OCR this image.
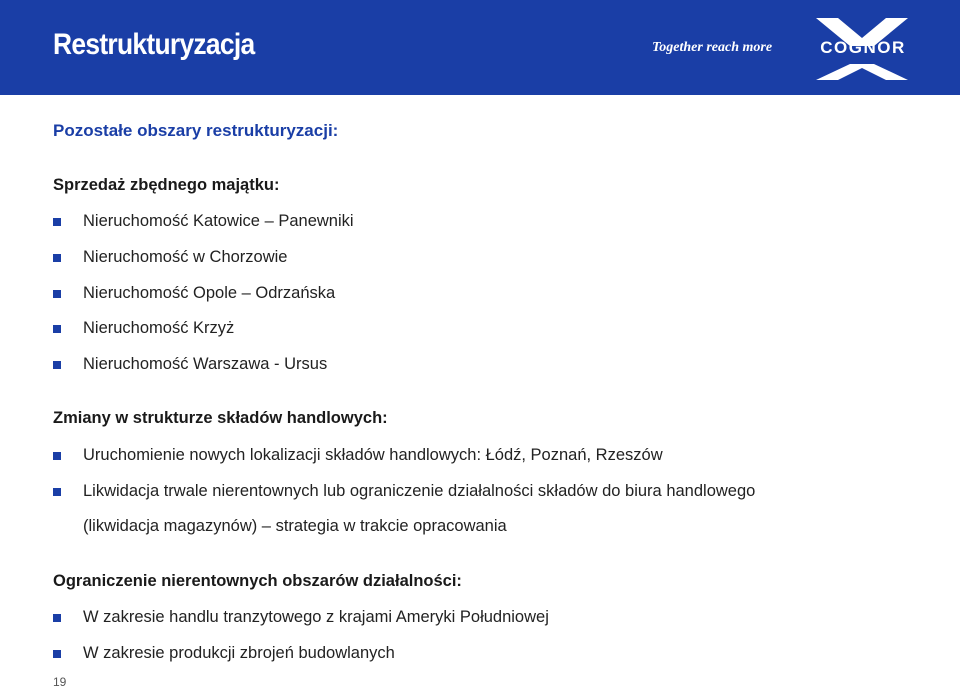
Restrukturyzacja	Together reach more	COGNOR
Pozostałe obszary restrukturyzacji:
Sprzedaż zbędnego majątku:
Nieruchomość Katowice – Panewniki
Nieruchomość w Chorzowie
Nieruchomość Opole – Odrzańska
Nieruchomość Krzyż
Nieruchomość Warszawa - Ursus
Zmiany w strukturze składów handlowych:
Uruchomienie nowych lokalizacji składów handlowych: Łódź, Poznań, Rzeszów
Likwidacja trwale nierentownych lub ograniczenie działalności składów do biura handlowego
(likwidacja magazynów) – strategia w trakcie opracowania
Ograniczenie nierentownych obszarów działalności:
W zakresie handlu tranzytowego z krajami Ameryki Południowej
W zakresie produkcji zbrojeń budowlanych
19
